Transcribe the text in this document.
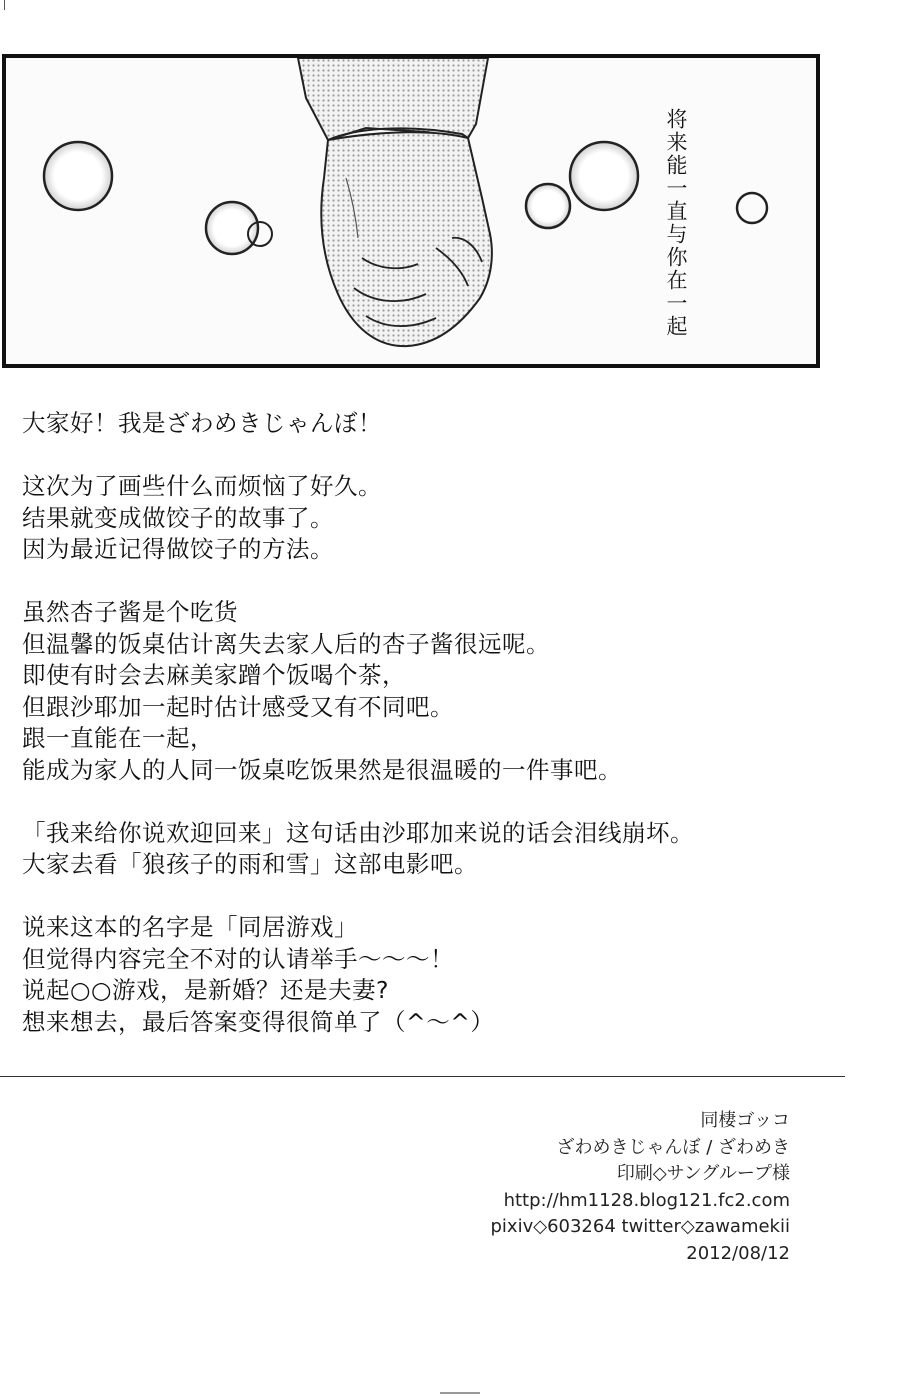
将来能一直与你在一起
大家好！我是ざわめきじゃんぼ！
这次为了画些什么而烦恼了好久。
结果就变成做饺子的故事了。
因为最近记得做饺子的方法。
虽然杏子酱是个吃货
但温馨的饭桌估计离失去家人后的杏子酱很远呢。
即使有时会去麻美家蹭个饭喝个茶，
但跟沙耶加一起时估计感受又有不同吧。
跟一直能在一起，
能成为家人的人同一饭桌吃饭果然是很温暖的一件事吧。
「我来给你说欢迎回来」这句话由沙耶加来说的话会泪线崩坏。
大家去看「狼孩子的雨和雪」这部电影吧。
说来这本的名字是「同居游戏」
但觉得内容完全不对的认请举手～～～！
说起○○游戏，是新婚？还是夫妻?
想来想去，最后答案变得很简单了（^～^）
同棲ゴッコ
ざわめきじゃんぼ / ざわめき
印刷◇サングループ様
http://hm1128.blog121.fc2.com
pixiv◇603264 twitter◇zawamekii
2012/08/12
